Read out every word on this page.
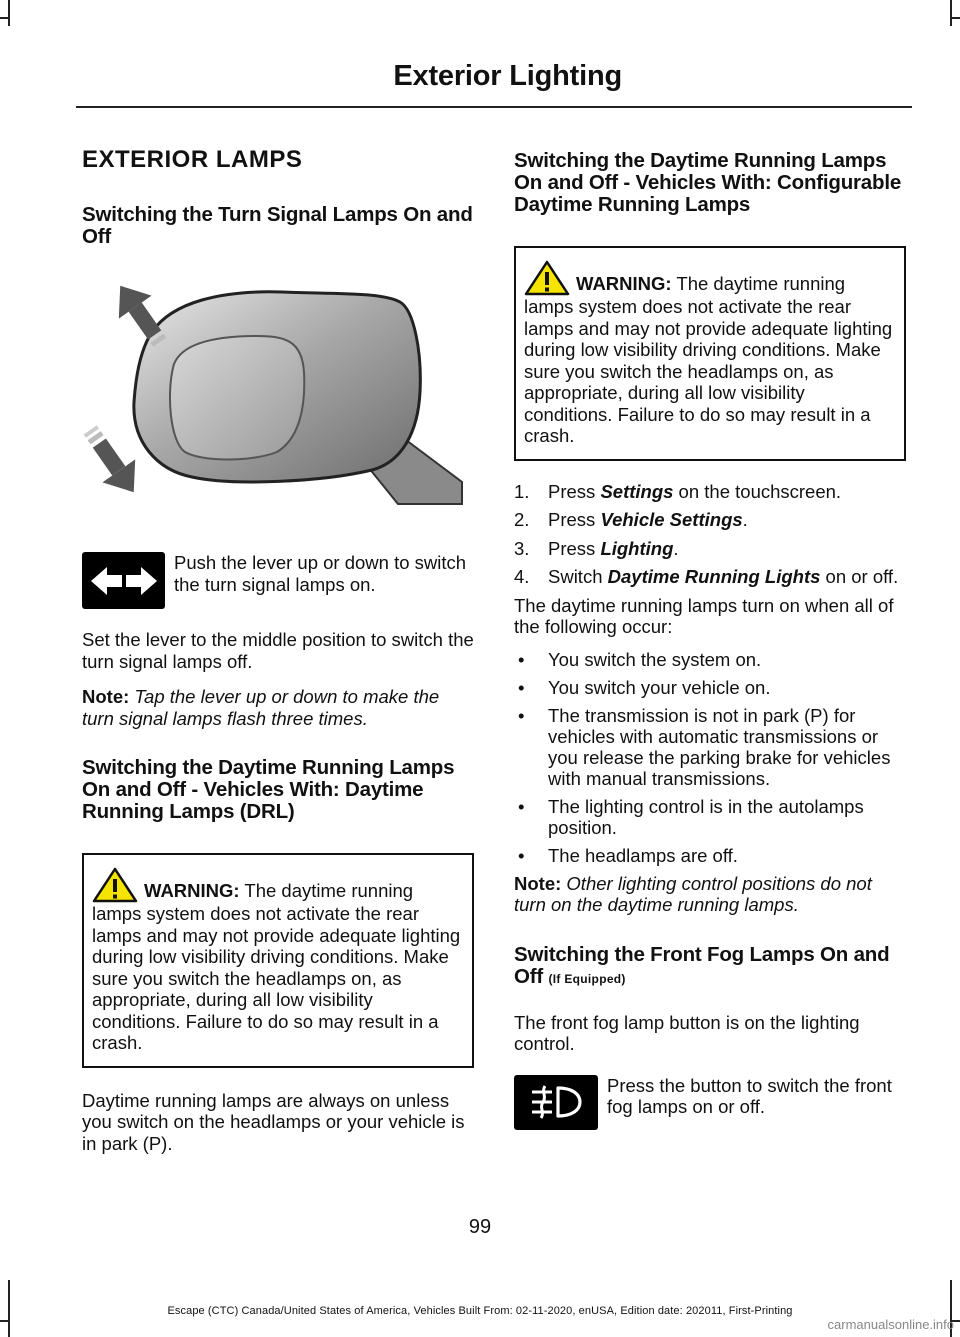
Exterior Lighting
EXTERIOR LAMPS
Switching the Turn Signal Lamps On and Off
Push the lever up or down to switch the turn signal lamps on.
Set the lever to the middle position to switch the turn signal lamps off.
Note: Tap the lever up or down to make the turn signal lamps flash three times.
Switching the Daytime Running Lamps On and Off - Vehicles With: Daytime Running Lamps (DRL)
WARNING: The daytime running lamps system does not activate the rear lamps and may not provide adequate lighting during low visibility driving conditions. Make sure you switch the headlamps on, as appropriate, during all low visibility conditions. Failure to do so may result in a crash.
Daytime running lamps are always on unless you switch on the headlamps or your vehicle is in park (P).
Switching the Daytime Running Lamps On and Off - Vehicles With: Configurable Daytime Running Lamps
WARNING: The daytime running lamps system does not activate the rear lamps and may not provide adequate lighting during low visibility driving conditions. Make sure you switch the headlamps on, as appropriate, during all low visibility conditions. Failure to do so may result in a crash.
1.	Press Settings on the touchscreen.
2.	Press Vehicle Settings.
3.	Press Lighting.
4.	Switch Daytime Running Lights on or off.
The daytime running lamps turn on when all of the following occur:
•	You switch the system on.
•	You switch your vehicle on.
•	The transmission is not in park (P) for vehicles with automatic transmissions or you release the parking brake for vehicles with manual transmissions.
•	The lighting control is in the autolamps position.
•	The headlamps are off.
Note: Other lighting control positions do not turn on the daytime running lamps.
Switching the Front Fog Lamps On and Off (If Equipped)
The front fog lamp button is on the lighting control.
Press the button to switch the front fog lamps on or off.
99
Escape (CTC) Canada/United States of America, Vehicles Built From: 02-11-2020, enUSA, Edition date: 202011, First-Printing
carmanualsonline.info
